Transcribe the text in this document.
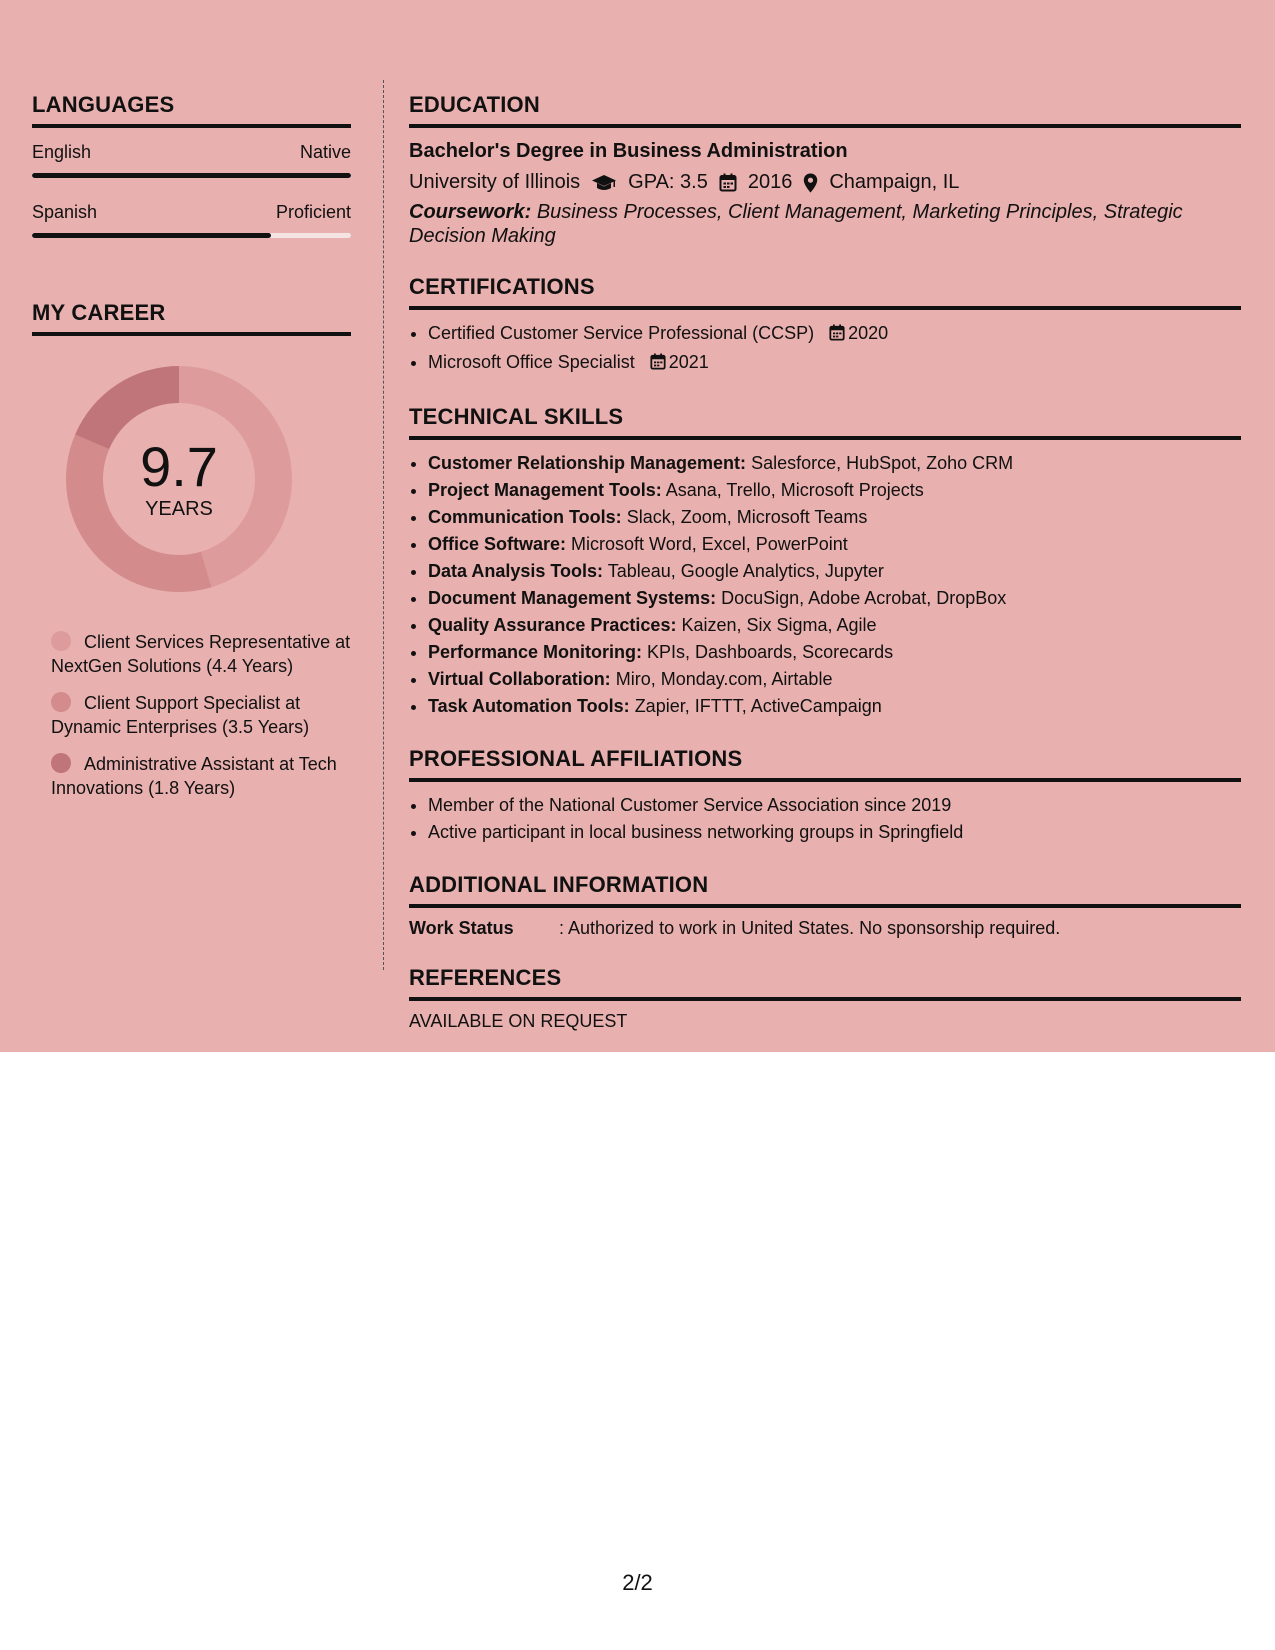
LANGUAGES
English	Native
Spanish	Proficient
MY CAREER
9.7
YEARS
Client Services Representative at NextGen Solutions (4.4 Years)
Client Support Specialist at Dynamic Enterprises (3.5 Years)
Administrative Assistant at Tech Innovations (1.8 Years)
EDUCATION
Bachelor's Degree in Business Administration
University of Illinois GPA: 3.5 2016 Champaign, IL
Coursework: Business Processes, Client Management, Marketing Principles, Strategic Decision Making
CERTIFICATIONS
• Certified Customer Service Professional (CCSP) 2020
• Microsoft Office Specialist 2021
TECHNICAL SKILLS
• Customer Relationship Management: Salesforce, HubSpot, Zoho CRM
• Project Management Tools: Asana, Trello, Microsoft Projects
• Communication Tools: Slack, Zoom, Microsoft Teams
• Office Software: Microsoft Word, Excel, PowerPoint
• Data Analysis Tools: Tableau, Google Analytics, Jupyter
• Document Management Systems: DocuSign, Adobe Acrobat, DropBox
• Quality Assurance Practices: Kaizen, Six Sigma, Agile
• Performance Monitoring: KPIs, Dashboards, Scorecards
• Virtual Collaboration: Miro, Monday.com, Airtable
• Task Automation Tools: Zapier, IFTTT, ActiveCampaign
PROFESSIONAL AFFILIATIONS
• Member of the National Customer Service Association since 2019
• Active participant in local business networking groups in Springfield
ADDITIONAL INFORMATION
Work Status	: Authorized to work in United States. No sponsorship required.
REFERENCES
AVAILABLE ON REQUEST
2/2
